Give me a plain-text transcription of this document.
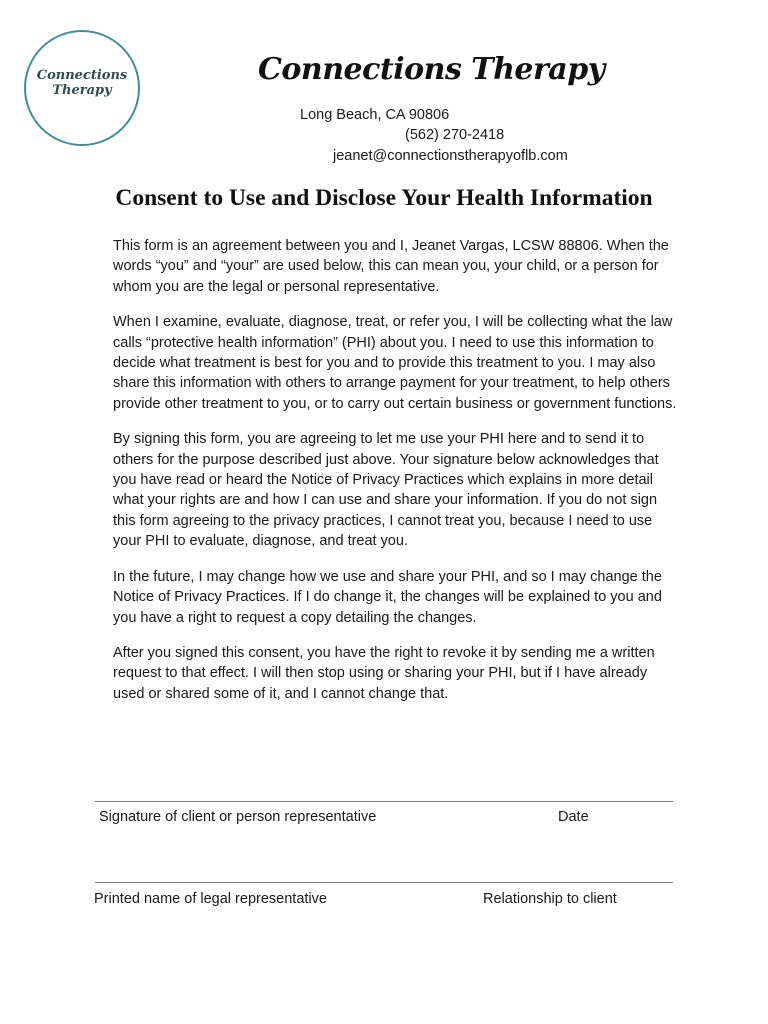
Connections
Therapy
Connections Therapy
Long Beach, CA 90806
(562) 270-2418
jeanet@connectionstherapyoflb.com
Consent to Use and Disclose Your Health Information

This form is an agreement between you and I, Jeanet Vargas, LCSW 88806. When the words “you” and “your” are used below, this can mean you, your child, or a person for whom you are the legal or personal representative.

When I examine, evaluate, diagnose, treat, or refer you, I will be collecting what the law calls “protective health information” (PHI) about you. I need to use this information to decide what treatment is best for you and to provide this treatment to you. I may also share this information with others to arrange payment for your treatment, to help others provide other treatment to you, or to carry out certain business or government functions.

By signing this form, you are agreeing to let me use your PHI here and to send it to others for the purpose described just above. Your signature below acknowledges that you have read or heard the Notice of Privacy Practices which explains in more detail what your rights are and how I can use and share your information. If you do not sign this form agreeing to the privacy practices, I cannot treat you, because I need to use your PHI to evaluate, diagnose, and treat you.

In the future, I may change how we use and share your PHI, and so I may change the Notice of Privacy Practices. If I do change it, the changes will be explained to you and you have a right to request a copy detailing the changes.

After you signed this consent, you have the right to revoke it by sending me a written request to that effect. I will then stop using or sharing your PHI, but if I have already used or shared some of it, and I cannot change that.

Signature of client or person representative	Date
Printed name of legal representative	Relationship to client
